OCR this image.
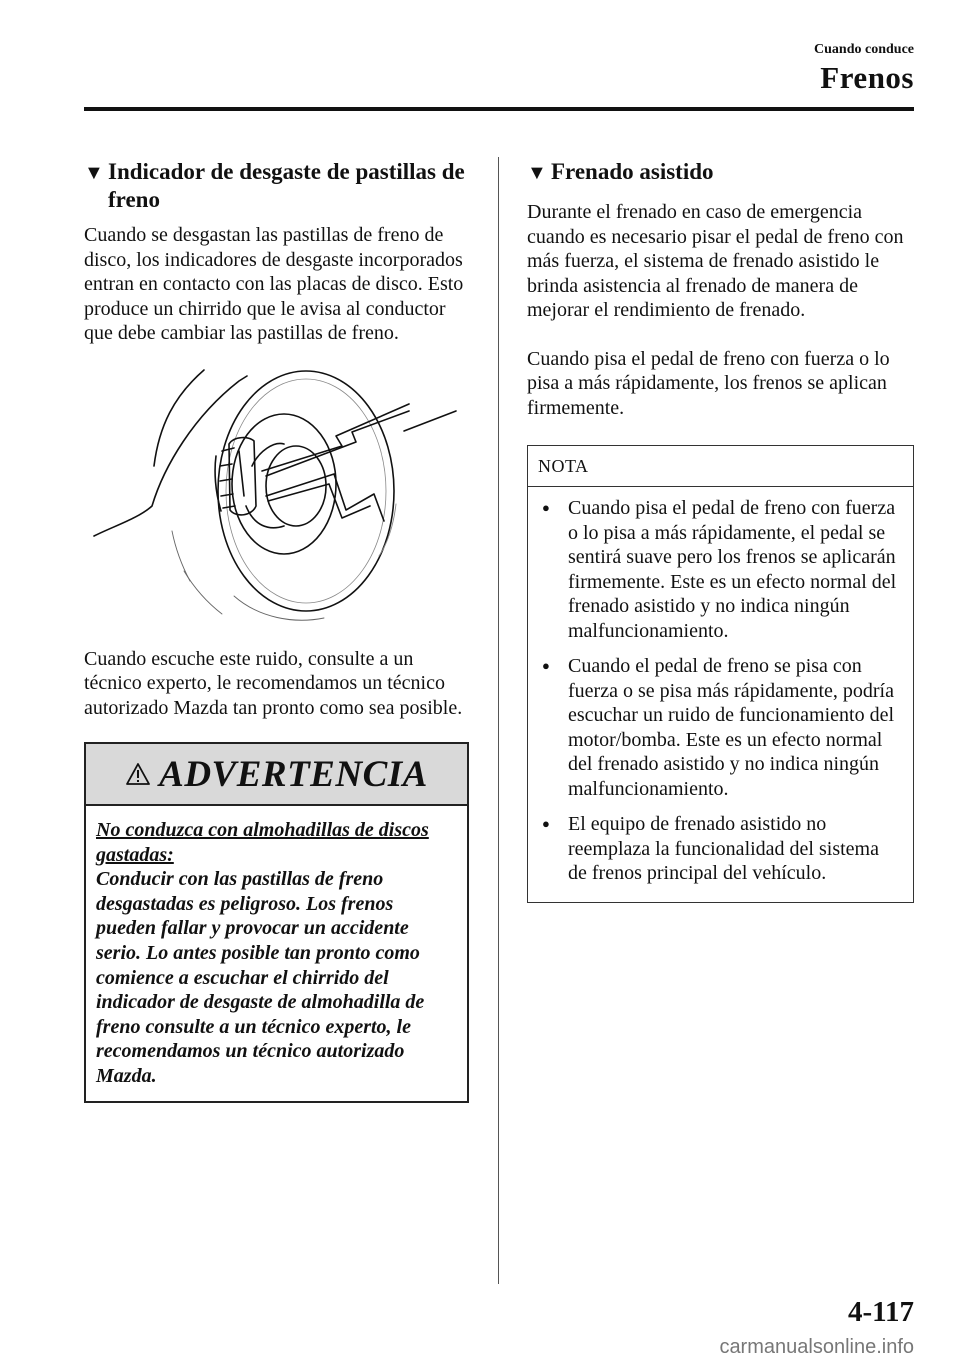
Cuando conduce
Frenos
▼ Indicador de desgaste de pastillas de freno

Cuando se desgastan las pastillas de freno de disco, los indicadores de desgaste incorporados entran en contacto con las placas de disco. Esto produce un chirrido que le avisa al conductor que debe cambiar las pastillas de freno.

Cuando escuche este ruido, consulte a un técnico experto, le recomendamos un técnico autorizado Mazda tan pronto como sea posible.

ADVERTENCIA
No conduzca con almohadillas de discos gastadas:
Conducir con las pastillas de freno desgastadas es peligroso. Los frenos pueden fallar y provocar un accidente serio. Lo antes posible tan pronto como comience a escuchar el chirrido del indicador de desgaste de almohadilla de freno consulte a un técnico experto, le recomendamos un técnico autorizado Mazda.
▼ Frenado asistido

Durante el frenado en caso de emergencia cuando es necesario pisar el pedal de freno con más fuerza, el sistema de frenado asistido le brinda asistencia al frenado de manera de mejorar el rendimiento de frenado.

Cuando pisa el pedal de freno con fuerza o lo pisa a más rápidamente, los frenos se aplican firmemente.

NOTA
● Cuando pisa el pedal de freno con fuerza o lo pisa a más rápidamente, el pedal se sentirá suave pero los frenos se aplicarán firmemente. Este es un efecto normal del frenado asistido y no indica ningún malfuncionamiento.
● Cuando el pedal de freno se pisa con fuerza o se pisa más rápidamente, podría escuchar un ruido de funcionamiento del motor/bomba. Este es un efecto normal del frenado asistido y no indica ningún malfuncionamiento.
● El equipo de frenado asistido no reemplaza la funcionalidad del sistema de frenos principal del vehículo.
4-117
carmanualsonline.info
